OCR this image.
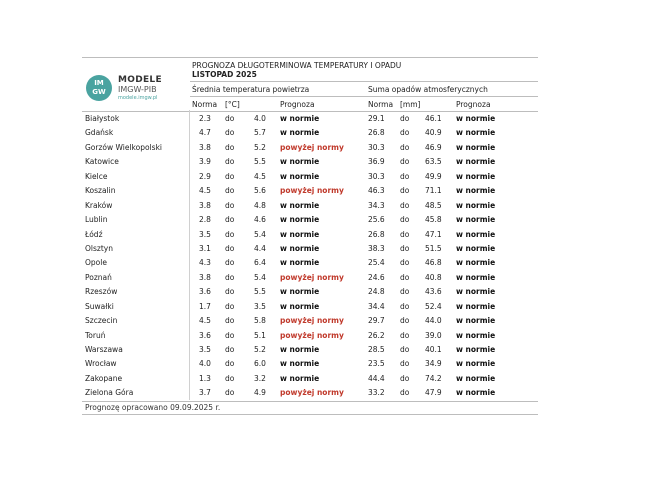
IM
GW
MODELE
IMGW-PIB
modele.imgw.pl
PROGNOZA DŁUGOTERMINOWA TEMPERATURY I OPADU
LISTOPAD 2025
Średnia temperatura powietrza	Suma opadów atmosferycznych
Norma [°C]	Prognoza	Norma [mm]	Prognoza
Białystok	2.3 do	4.0 w normie	29.1 do 46.1 w normie
Gdańsk	4.7 do	5.7 w normie	26.8 do 40.9 w normie
Gorzów Wielkopolski	3.8 do	5.2 powyżej normy	30.3 do 46.9 w normie
Katowice	3.9 do	5.5 w normie	36.9 do 63.5 w normie
Kielce	2.9 do	4.5 w normie	30.3 do 49.9 w normie
Koszalin	4.5 do	5.6 powyżej normy	46.3 do 71.1 w normie
Kraków	3.8 do	4.8 w normie	34.3 do 48.5 w normie
Lublin	2.8 do	4.6 w normie	25.6 do 45.8 w normie
Łódź	3.5 do	5.4 w normie	26.8 do 47.1 w normie
Olsztyn	3.1 do	4.4 w normie	38.3 do 51.5 w normie
Opole	4.3 do	6.4 w normie	25.4 do 46.8 w normie
Poznań	3.8 do	5.4 powyżej normy	24.6 do 40.8 w normie
Rzeszów	3.6 do	5.5 w normie	24.8 do 43.6 w normie
Suwałki	1.7 do	3.5 w normie	34.4 do 52.4 w normie
Szczecin	4.5 do	5.8 powyżej normy	29.7 do 44.0 w normie
Toruń	3.6 do	5.1 powyżej normy	26.2 do 39.0 w normie
Warszawa	3.5 do	5.2 w normie	28.5 do 40.1 w normie
Wrocław	4.0 do	6.0 w normie	23.5 do 34.9 w normie
Zakopane	1.3 do	3.2 w normie	44.4 do 74.2 w normie
Zielona Góra	3.7 do	4.9 powyżej normy	33.2 do 47.9 w normie
Prognozę opracowano 09.09.2025 r.
